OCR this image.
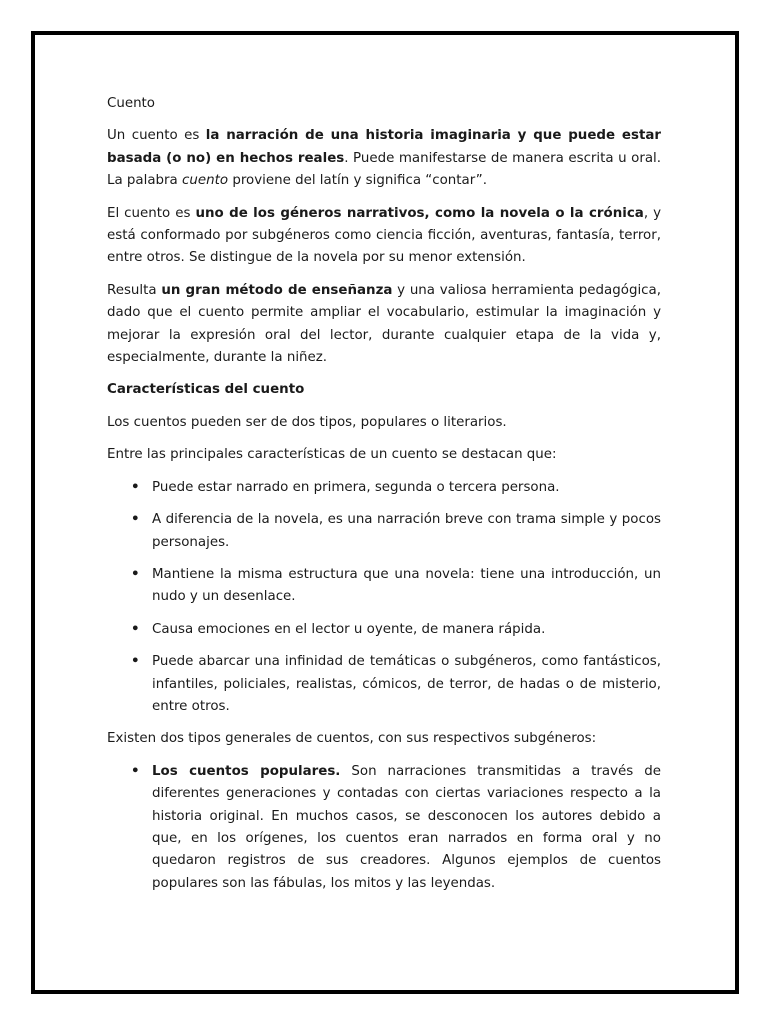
Cuento

Un cuento es la narración de una historia imaginaria y que puede estar basada (o no) en hechos reales. Puede manifestarse de manera escrita u oral. La palabra cuento proviene del latín y significa “contar”.

El cuento es uno de los géneros narrativos, como la novela o la crónica, y está conformado por subgéneros como ciencia ficción, aventuras, fantasía, terror, entre otros. Se distingue de la novela por su menor extensión.

Resulta un gran método de enseñanza y una valiosa herramienta pedagógica, dado que el cuento permite ampliar el vocabulario, estimular la imaginación y mejorar la expresión oral del lector, durante cualquier etapa de la vida y, especialmente, durante la niñez.

Características del cuento

Los cuentos pueden ser de dos tipos, populares o literarios.

Entre las principales características de un cuento se destacan que:

• Puede estar narrado en primera, segunda o tercera persona.
• A diferencia de la novela, es una narración breve con trama simple y pocos personajes.
• Mantiene la misma estructura que una novela: tiene una introducción, un nudo y un desenlace.
• Causa emociones en el lector u oyente, de manera rápida.
• Puede abarcar una infinidad de temáticas o subgéneros, como fantásticos, infantiles, policiales, realistas, cómicos, de terror, de hadas o de misterio, entre otros.

Existen dos tipos generales de cuentos, con sus respectivos subgéneros:

• Los cuentos populares. Son narraciones transmitidas a través de diferentes generaciones y contadas con ciertas variaciones respecto a la historia original. En muchos casos, se desconocen los autores debido a que, en los orígenes, los cuentos eran narrados en forma oral y no quedaron registros de sus creadores. Algunos ejemplos de cuentos populares son las fábulas, los mitos y las leyendas.
